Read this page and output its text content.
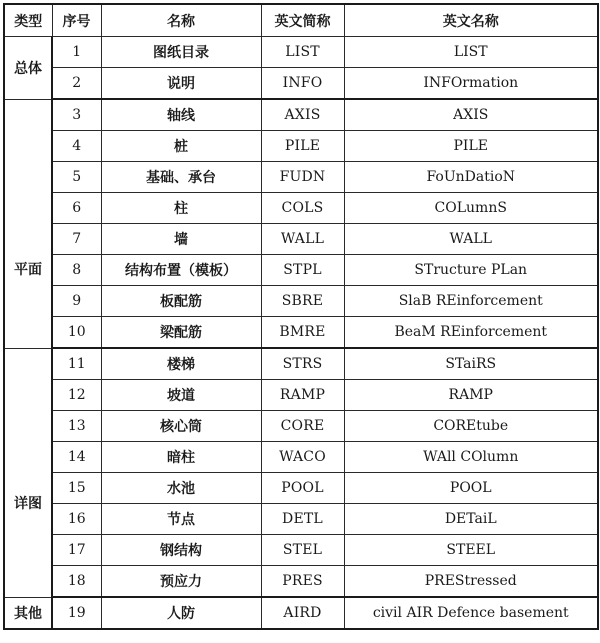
类型	序号	名称	英文简称	英文名称
总体	1	图纸目录	LIST	LIST
	2	说明	INFO	INFOrmation
平面	3	轴线	AXIS	AXIS
	4	桩	PILE	PILE
	5	基础、承台	FUDN	FoUnDatioN
	6	柱	COLS	COLumnS
	7	墙	WALL	WALL
	8	结构布置（模板）	STPL	STructure PLan
	9	板配筋	SBRE	SlaB REinforcement
	10	梁配筋	BMRE	BeaM REinforcement
详图	11	楼梯	STRS	STaiRS
	12	坡道	RAMP	RAMP
	13	核心筒	CORE	COREtube
	14	暗柱	WACO	WAll COlumn
	15	水池	POOL	POOL
	16	节点	DETL	DETaiL
	17	钢结构	STEL	STEEL
	18	预应力	PRES	PREStressed
其他	19	人防	AIRD	civil AIR Defence basement
